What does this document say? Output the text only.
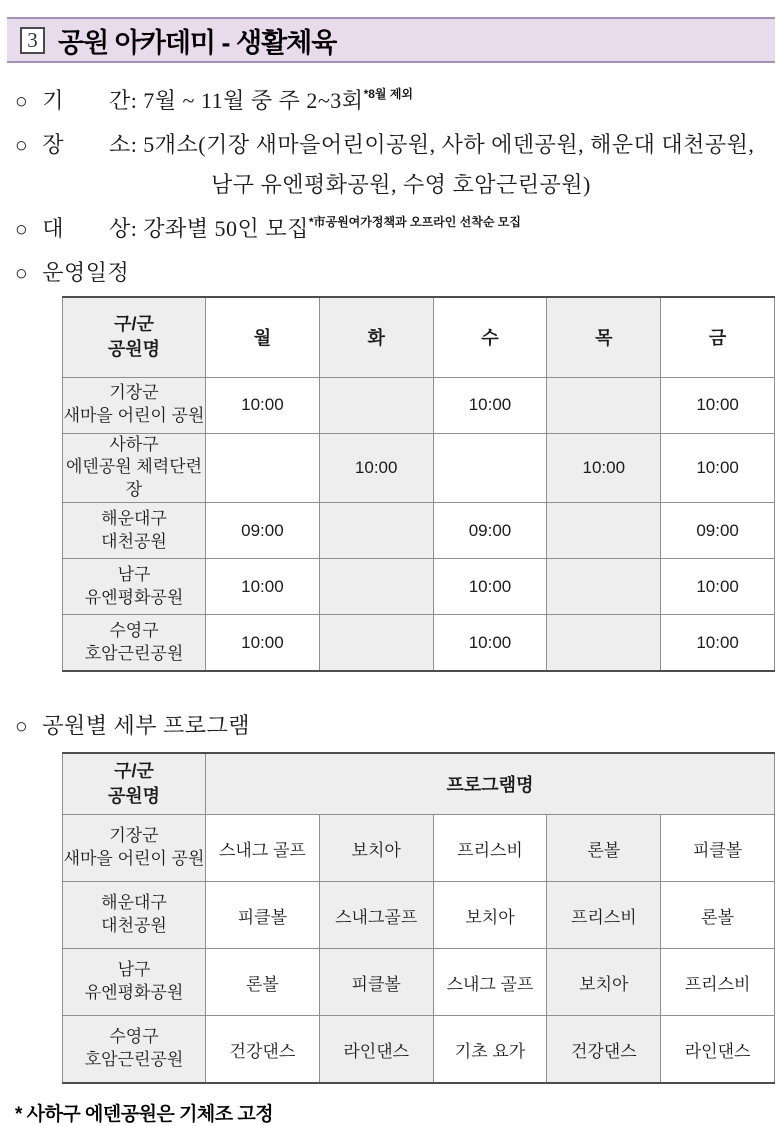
3 공원 아카데미 - 생활체육
○ 기　　간: 7월 ~ 11월 중 주 2~3회$^{*8월 제외}$
○ 장　　소: 5개소(기장 새마을어린이공원, 사하 에덴공원, 해운대 대천공원,
남구 유엔평화공원, 수영 호암근린공원)
○ 대　　상: 강좌별 50인 모집$^{*市공원여가정책과 오프라인 선착순 모집}$
○ 운영일정
구/군
공원명	월	화	수	목	금

기장군
새마을 어린이 공원	10:00		10:00		10:00

사하구
에덴공원 체력단련장		10:00		10:00	10:00

해운대구
대천공원	09:00		09:00		09:00

남구
유엔평화공원	10:00		10:00		10:00

수영구
호암근린공원	10:00		10:00		10:00
○ 공원별 세부 프로그램
구/군
공원명	프로그램명				

기장군
새마을 어린이 공원	스내그 골프	보치아	프리스비	론볼	피클볼

해운대구
대천공원	피클볼	스내그골프	보치아	프리스비	론볼

남구
유엔평화공원	론볼	피클볼	스내그 골프	보치아	프리스비

수영구
호암근린공원	건강댄스	라인댄스	기초 요가	건강댄스	라인댄스
* 사하구 에덴공원은 기체조 고정
